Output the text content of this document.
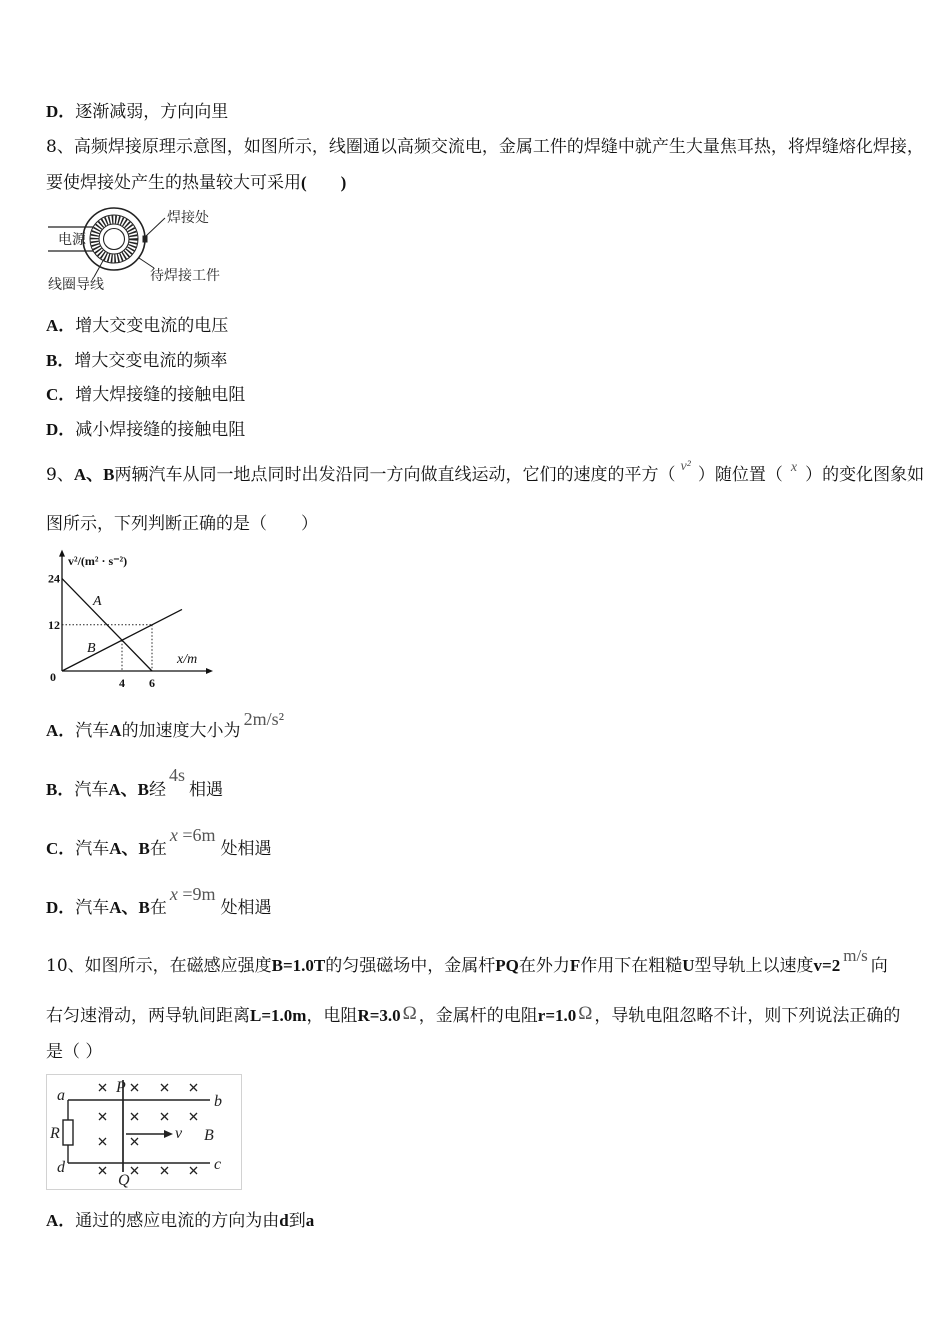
D．逐渐减弱，方向向里
8、高频焊接原理示意图，如图所示，线圈通以高频交流电，金属工件的焊缝中就产生大量焦耳热，将焊缝熔化焊接，
要使焊接处产生的热量较大可采用(　　)
电源
焊接处
待焊接工件
线圈导线
A．增大交变电流的电压
B．增大交变电流的频率
C．增大焊接缝的接触电阻
D．减小焊接缝的接触电阻
9、A、B两辆汽车从同一地点同时出发沿同一方向做直线运动，它们的速度的平方（ $^{v^2}$ ）随位置（ $^x$ ）的变化图象如
图所示，下列判断正确的是（　　）
v²/(m² · s⁻²)
x/m
0
A
B
24
12
4 6
A．汽车A的加速度大小为2m/s²
B．汽车A、B经4s相遇
C．汽车A、B在x =6m处相遇
D．汽车A、B在x =9m处相遇
10、如图所示，在磁感应强度B=1.0T的匀强磁场中，金属杆PQ在外力F作用下在粗糙U型导轨上以速度v=2m/s向
右匀速滑动，两导轨间距离L=1.0m，电阻R=3.0 Ω ，金属杆的电阻r=1.0 Ω ，导轨电阻忽略不计，则下列说法正确的
是（ ）
a
d
R
b
c
P
Q
v B
A．通过的感应电流的方向为由d到a
